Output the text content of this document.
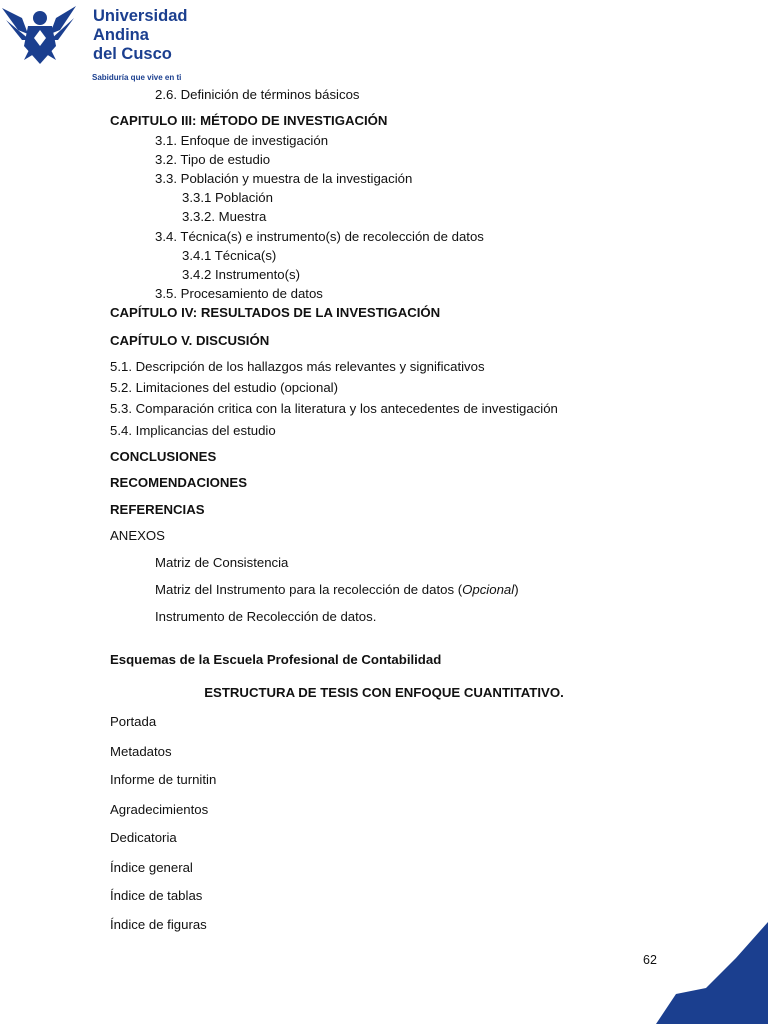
Universidad
Andina
del Cusco
Sabiduría que vive en ti
2.6. Definición de términos básicos
CAPITULO III: MÉTODO DE INVESTIGACIÓN
3.1. Enfoque de investigación
3.2. Tipo de estudio
3.3. Población y muestra de la investigación
3.3.1 Población
3.3.2. Muestra
3.4. Técnica(s) e instrumento(s) de recolección de datos
3.4.1 Técnica(s)
3.4.2 Instrumento(s)
3.5. Procesamiento de datos
CAPÍTULO IV: RESULTADOS DE LA INVESTIGACIÓN
CAPÍTULO V. DISCUSIÓN
5.1. Descripción de los hallazgos más relevantes y significativos
5.2. Limitaciones del estudio (opcional)
5.3. Comparación critica con la literatura y los antecedentes de investigación
5.4. Implicancias del estudio
CONCLUSIONES
RECOMENDACIONES
REFERENCIAS
ANEXOS
Matriz de Consistencia
Matriz del Instrumento para la recolección de datos (Opcional)
Instrumento de Recolección de datos.
Esquemas de la Escuela Profesional de Contabilidad
ESTRUCTURA DE TESIS CON ENFOQUE CUANTITATIVO.
Portada
Metadatos
Informe de turnitin
Agradecimientos
Dedicatoria
Índice general
Índice de tablas
Índice de figuras
62
